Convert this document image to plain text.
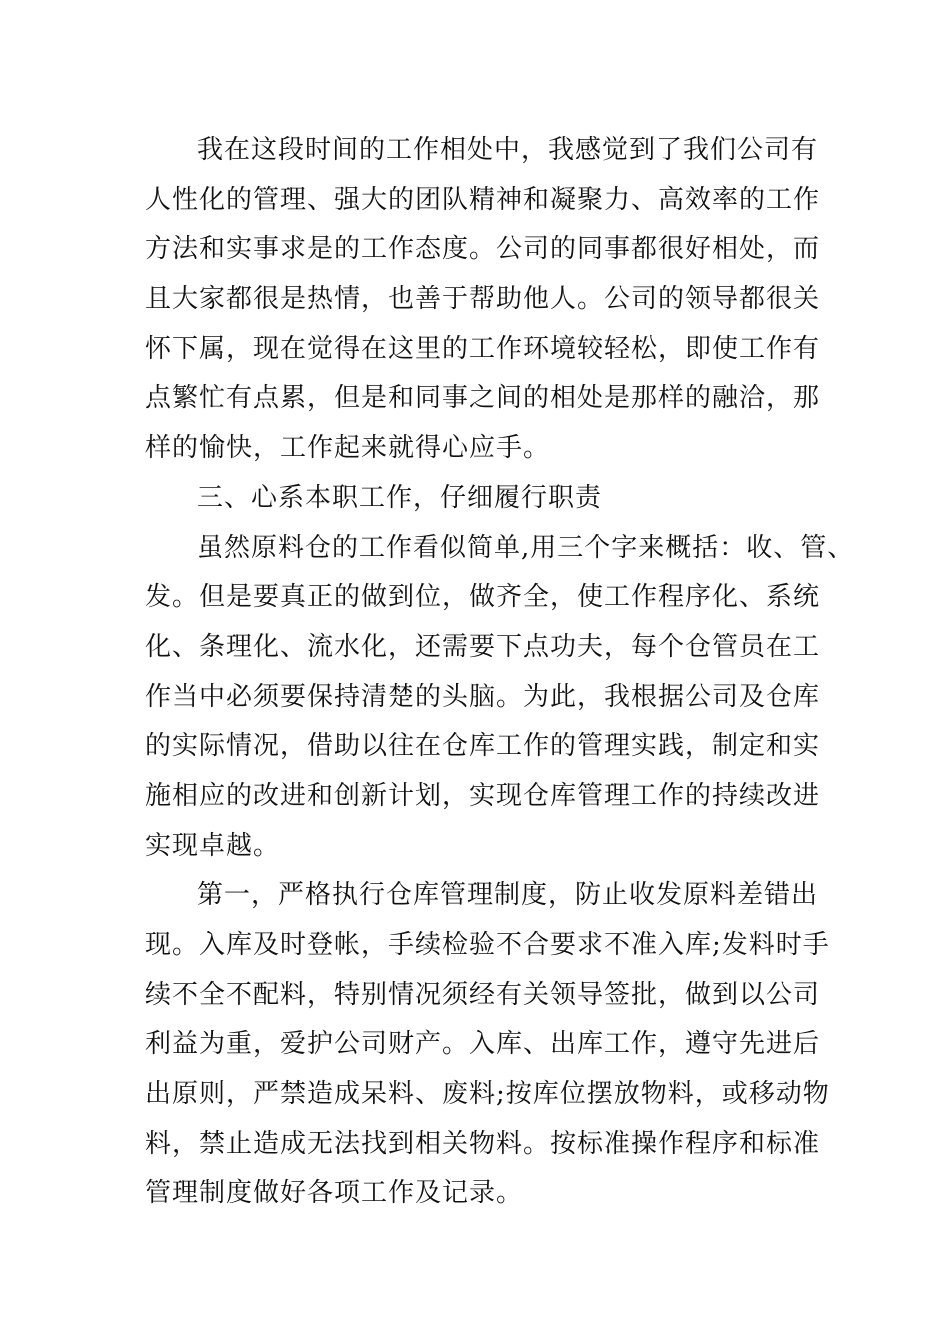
我在这段时间的工作相处中，我感觉到了我们公司有
人性化的管理、强大的团队精神和凝聚力、高效率的工作
方法和实事求是的工作态度。公司的同事都很好相处，而
且大家都很是热情，也善于帮助他人。公司的领导都很关
怀下属，现在觉得在这里的工作环境较轻松，即使工作有
点繁忙有点累，但是和同事之间的相处是那样的融洽，那
样的愉快，工作起来就得心应手。
三、心系本职工作，仔细履行职责
虽然原料仓的工作看似简单,用三个字来概括：收、管、
发。但是要真正的做到位，做齐全，使工作程序化、系统
化、条理化、流水化，还需要下点功夫，每个仓管员在工
作当中必须要保持清楚的头脑。为此，我根据公司及仓库
的实际情况，借助以往在仓库工作的管理实践，制定和实
施相应的改进和创新计划，实现仓库管理工作的持续改进
实现卓越。
第一，严格执行仓库管理制度，防止收发原料差错出
现。入库及时登帐，手续检验不合要求不准入库;发料时手
续不全不配料，特别情况须经有关领导签批，做到以公司
利益为重，爱护公司财产。入库、出库工作，遵守先进后
出原则，严禁造成呆料、废料;按库位摆放物料，或移动物
料，禁止造成无法找到相关物料。按标准操作程序和标准
管理制度做好各项工作及记录。
